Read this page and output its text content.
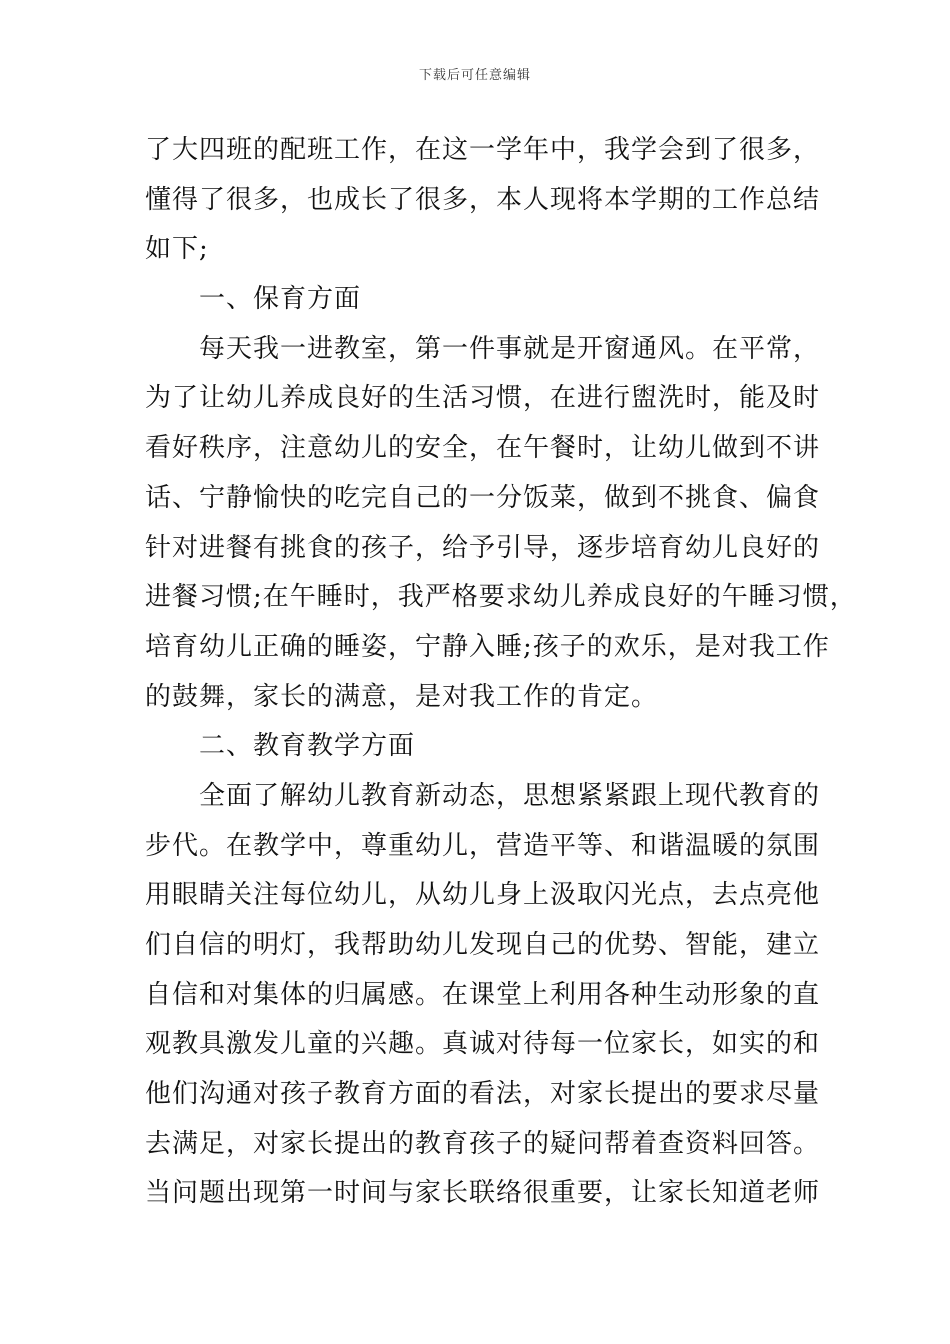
下载后可任意编辑
了大四班的配班工作，在这一学年中，我学会到了很多，
懂得了很多，也成长了很多，本人现将本学期的工作总结
如下;
一、保育方面
每天我一进教室，第一件事就是开窗通风。在平常，
为了让幼儿养成良好的生活习惯，在进行盥洗时，能及时
看好秩序，注意幼儿的安全，在午餐时，让幼儿做到不讲
话、宁静愉快的吃完自己的一分饭菜，做到不挑食、偏食
针对进餐有挑食的孩子，给予引导，逐步培育幼儿良好的
进餐习惯;在午睡时，我严格要求幼儿养成良好的午睡习惯，
培育幼儿正确的睡姿，宁静入睡;孩子的欢乐，是对我工作
的鼓舞，家长的满意，是对我工作的肯定。
二、教育教学方面
全面了解幼儿教育新动态，思想紧紧跟上现代教育的
步代。在教学中，尊重幼儿，营造平等、和谐温暖的氛围
用眼睛关注每位幼儿，从幼儿身上汲取闪光点，去点亮他
们自信的明灯，我帮助幼儿发现自己的优势、智能，建立
自信和对集体的归属感。在课堂上利用各种生动形象的直
观教具激发儿童的兴趣。真诚对待每一位家长，如实的和
他们沟通对孩子教育方面的看法，对家长提出的要求尽量
去满足，对家长提出的教育孩子的疑问帮着查资料回答。
当问题出现第一时间与家长联络很重要，让家长知道老师
